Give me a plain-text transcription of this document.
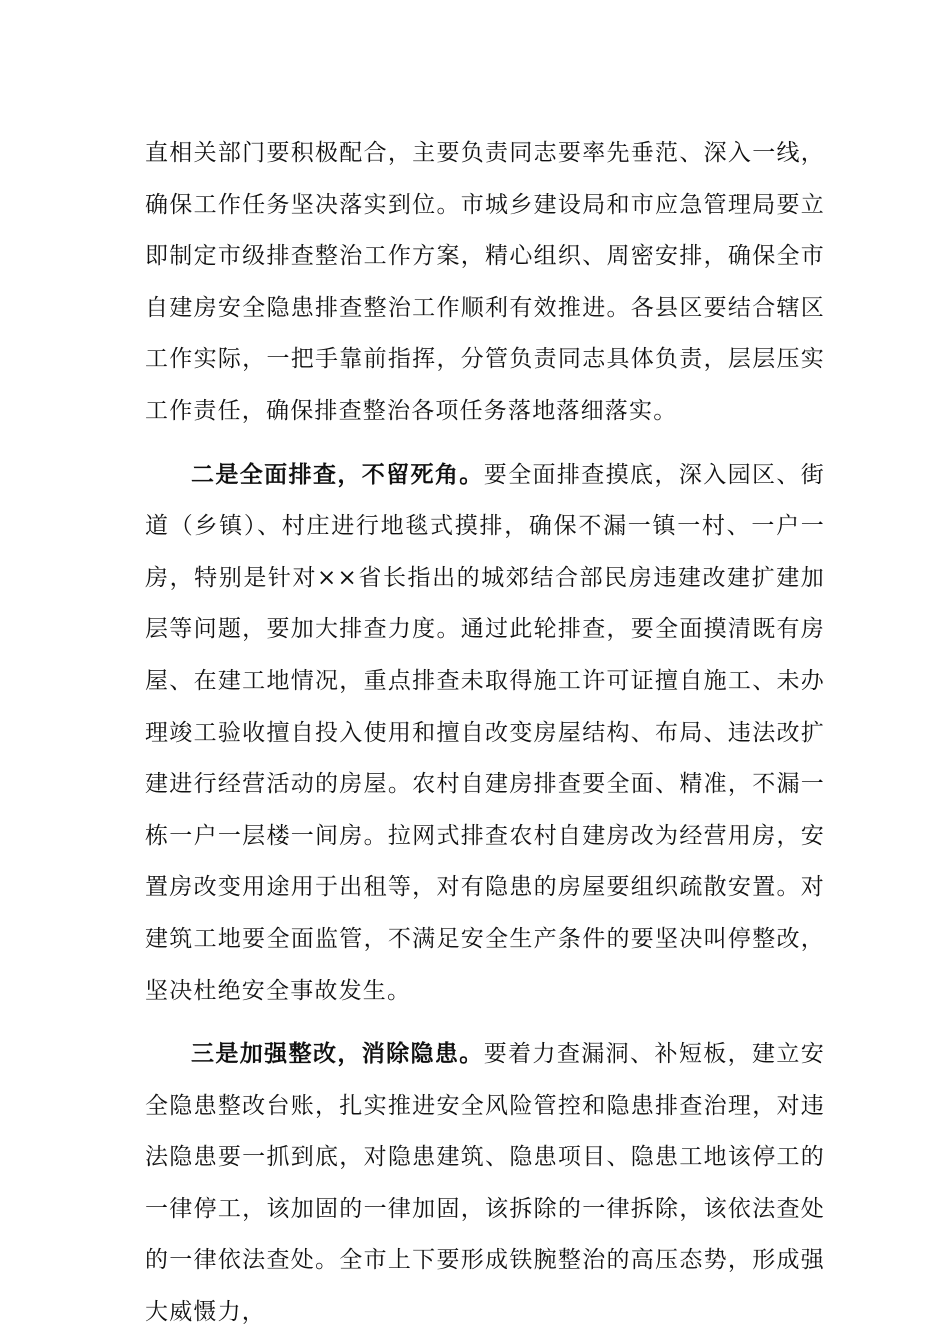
直相关部门要积极配合，主要负责同志要率先垂范、深入一线，确保工作任务坚决落实到位。市城乡建设局和市应急管理局要立即制定市级排查整治工作方案，精心组织、周密安排，确保全市自建房安全隐患排查整治工作顺利有效推进。各县区要结合辖区工作实际，一把手靠前指挥，分管负责同志具体负责，层层压实工作责任，确保排查整治各项任务落地落细落实。

二是全面排查，不留死角。要全面排查摸底，深入园区、街道（乡镇）、村庄进行地毯式摸排，确保不漏一镇一村、一户一房，特别是针对××省长指出的城郊结合部民房违建改建扩建加层等问题，要加大排查力度。通过此轮排查，要全面摸清既有房屋、在建工地情况，重点排查未取得施工许可证擅自施工、未办理竣工验收擅自投入使用和擅自改变房屋结构、布局、违法改扩建进行经营活动的房屋。农村自建房排查要全面、精准，不漏一栋一户一层楼一间房。拉网式排查农村自建房改为经营用房，安置房改变用途用于出租等，对有隐患的房屋要组织疏散安置。对建筑工地要全面监管，不满足安全生产条件的要坚决叫停整改，坚决杜绝安全事故发生。

三是加强整改，消除隐患。要着力查漏洞、补短板，建立安全隐患整改台账，扎实推进安全风险管控和隐患排查治理，对违法隐患要一抓到底，对隐患建筑、隐患项目、隐患工地该停工的一律停工，该加固的一律加固，该拆除的一律拆除，该依法查处的一律依法查处。全市上下要形成铁腕整治的高压态势，形成强大威慑力，
